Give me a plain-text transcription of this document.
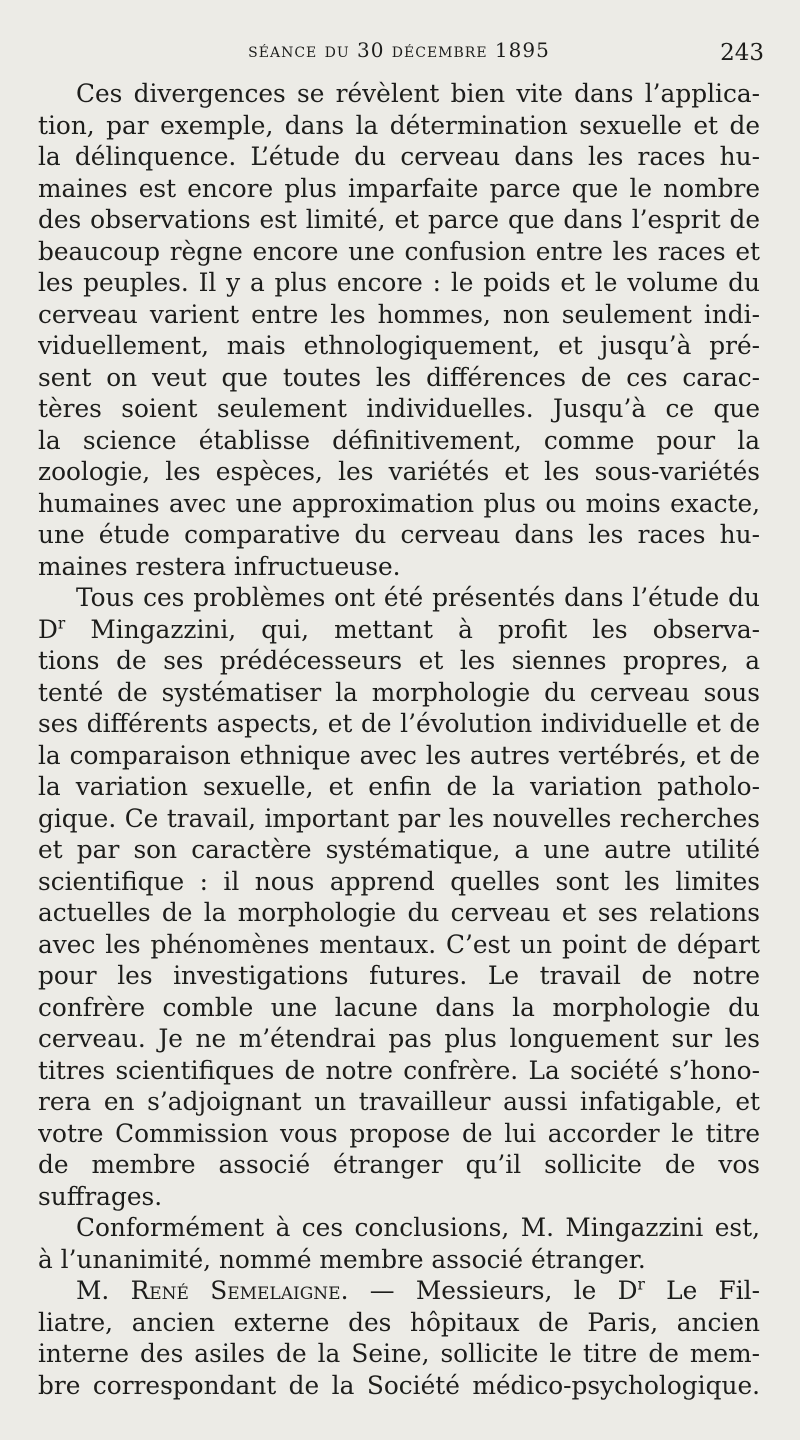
séance du 30 décembre 1895	243
Ces divergences se révèlent bien vite dans l’applica-
tion, par exemple, dans la détermination sexuelle et de
la délinquence. L’étude du cerveau dans les races hu-
maines est encore plus imparfaite parce que le nombre
des observations est limité, et parce que dans l’esprit de
beaucoup règne encore une confusion entre les races et
les peuples. Il y a plus encore : le poids et le volume du
cerveau varient entre les hommes, non seulement indi-
viduellement, mais ethnologiquement, et jusqu’à pré-
sent on veut que toutes les différences de ces carac-
tères soient seulement individuelles. Jusqu’à ce que
la science établisse définitivement, comme pour la
zoologie, les espèces, les variétés et les sous-variétés
humaines avec une approximation plus ou moins exacte,
une étude comparative du cerveau dans les races hu-
maines restera infructueuse.
Tous ces problèmes ont été présentés dans l’étude du
$D^r$ Mingazzini, qui, mettant à profit les observa-
tions de ses prédécesseurs et les siennes propres, a
tenté de systématiser la morphologie du cerveau sous
ses différents aspects, et de l’évolution individuelle et de
la comparaison ethnique avec les autres vertébrés, et de
la variation sexuelle, et enfin de la variation patholo-
gique. Ce travail, important par les nouvelles recherches
et par son caractère systématique, a une autre utilité
scientifique : il nous apprend quelles sont les limites
actuelles de la morphologie du cerveau et ses relations
avec les phénomènes mentaux. C’est un point de départ
pour les investigations futures. Le travail de notre
confrère comble une lacune dans la morphologie du
cerveau. Je ne m’étendrai pas plus longuement sur les
titres scientifiques de notre confrère. La société s’hono-
rera en s’adjoignant un travailleur aussi infatigable, et
votre Commission vous propose de lui accorder le titre
de membre associé étranger qu’il sollicite de vos
suffrages.
Conformément à ces conclusions, M. Mingazzini est,
à l’unanimité, nommé membre associé étranger.
M. René Semelaigne. — Messieurs, le $D^r$ Le Fil-
liatre, ancien externe des hôpitaux de Paris, ancien
interne des asiles de la Seine, sollicite le titre de mem-
bre correspondant de la Société médico-psychologique.
